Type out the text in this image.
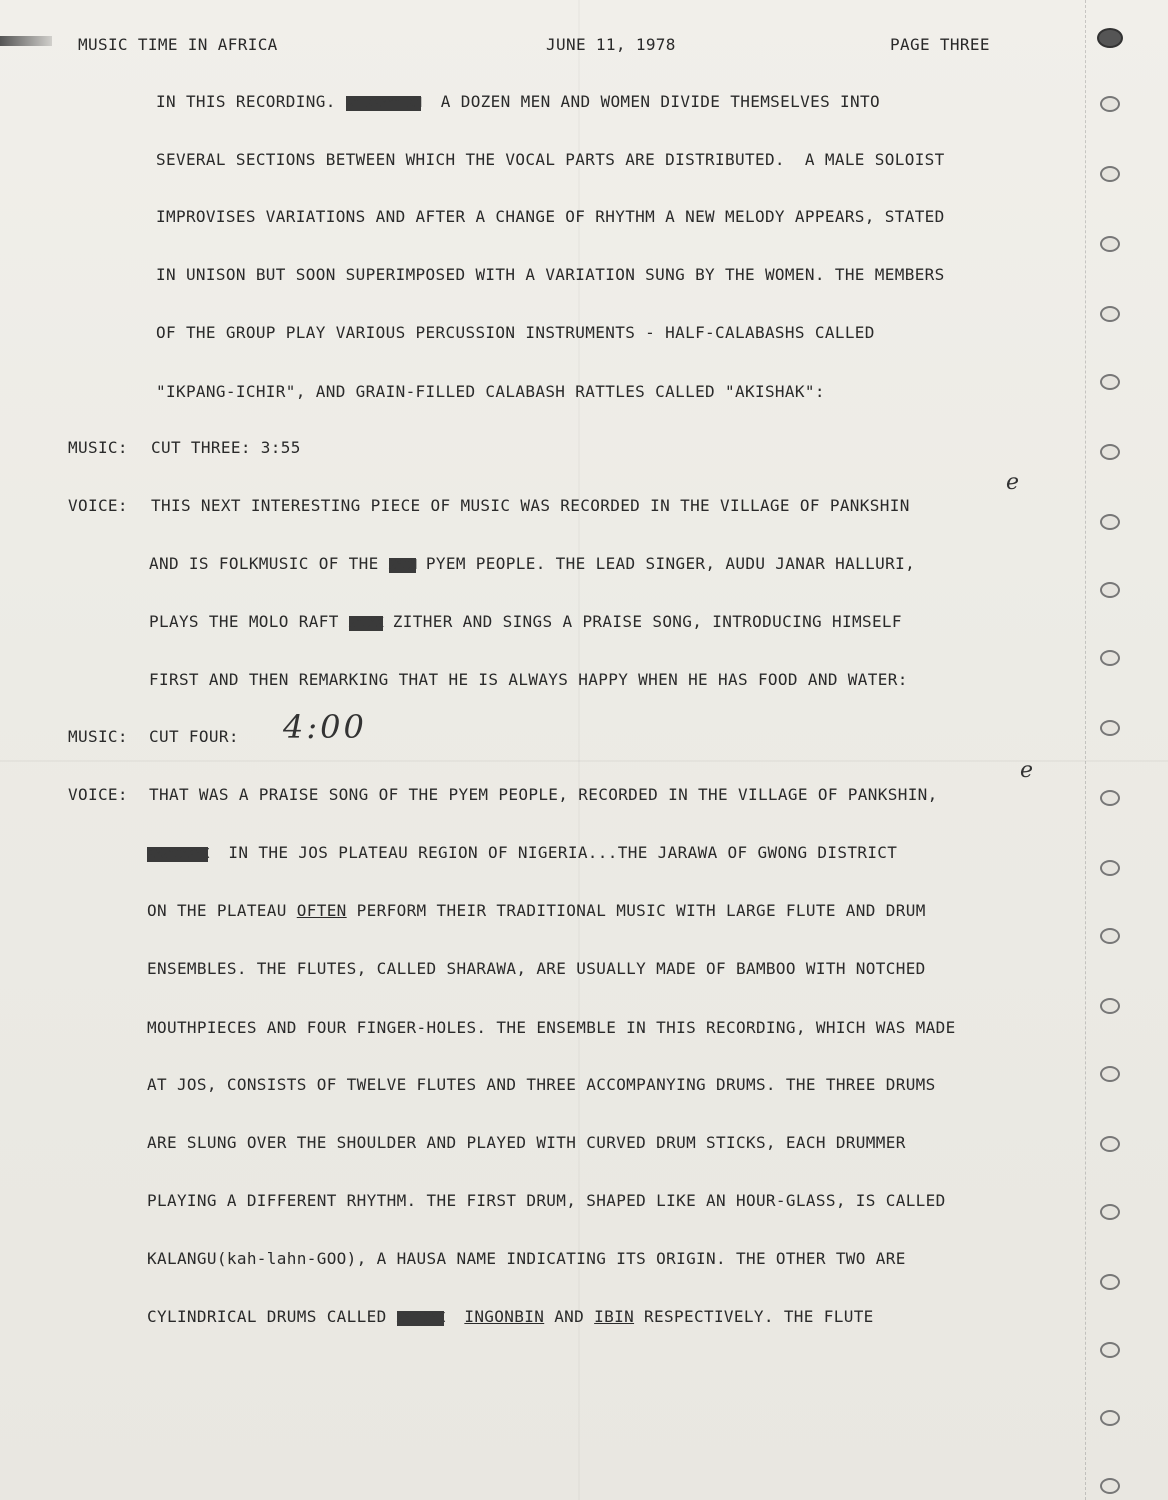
MUSIC TIME IN AFRICA	JUNE 11, 1978	PAGE THREE
IN THIS RECORDING. XMEXXMMMEXM  A DOZEN MEN AND WOMEN DIVIDE THEMSELVES INTO
SEVERAL SECTIONS BETWEEN WHICH THE VOCAL PARTS ARE DISTRIBUTED.  A MALE SOLOIST
IMPROVISES VARIATIONS AND AFTER A CHANGE OF RHYTHM A NEW MELODY APPEARS, STATED
IN UNISON BUT SOON SUPERIMPOSED WITH A VARIATION SUNG BY THE WOMEN. THE MEMBERS
OF THE GROUP PLAY VARIOUS PERCUSSION INSTRUMENTS - HALF-CALABASHS CALLED
"IKPANG-ICHIR", AND GRAIN-FILLED CALABASH RATTLES CALLED "AKISHAK":
MUSIC: CUT THREE: 3:55
VOICE: THIS NEXT INTERESTING PIECE OF MUSIC WAS RECORDED IN THE VILLAGE OF PANKSHIN
e
AND IS FOLKMUSIC OF THE XMXM PYEM PEOPLE. THE LEAD SINGER, AUDU JANAR HALLURI,
PLAYS THE MOLO RAFT XMXMX ZITHER AND SINGS A PRAISE SONG, INTRODUCING HIMSELF
FIRST AND THEN REMARKING THAT HE IS ALWAYS HAPPY WHEN HE HAS FOOD AND WATER:
MUSIC: CUT FOUR: 4:00
VOICE: THAT WAS A PRAISE SONG OF THE PYEM PEOPLE, RECORDED IN THE VILLAGE OF PANKSHIN,
e
XMXMXMXMX  IN THE JOS PLATEAU REGION OF NIGERIA...THE JARAWA OF GWONG DISTRICT
ON THE PLATEAU OFTEN PERFORM THEIR TRADITIONAL MUSIC WITH LARGE FLUTE AND DRUM
ENSEMBLES. THE FLUTES, CALLED SHARAWA, ARE USUALLY MADE OF BAMBOO WITH NOTCHED
MOUTHPIECES AND FOUR FINGER-HOLES. THE ENSEMBLE IN THIS RECORDING, WHICH WAS MADE
AT JOS, CONSISTS OF TWELVE FLUTES AND THREE ACCOMPANYING DRUMS. THE THREE DRUMS
ARE SLUNG OVER THE SHOULDER AND PLAYED WITH CURVED DRUM STICKS, EACH DRUMMER
PLAYING A DIFFERENT RHYTHM. THE FIRST DRUM, SHAPED LIKE AN HOUR-GLASS, IS CALLED
KALANGU(kah-lahn-GOO), A HAUSA NAME INDICATING ITS ORIGIN. THE OTHER TWO ARE
CYLINDRICAL DRUMS CALLED XMXMXMX INGONBIN AND IBIN RESPECTIVELY. THE FLUTE
